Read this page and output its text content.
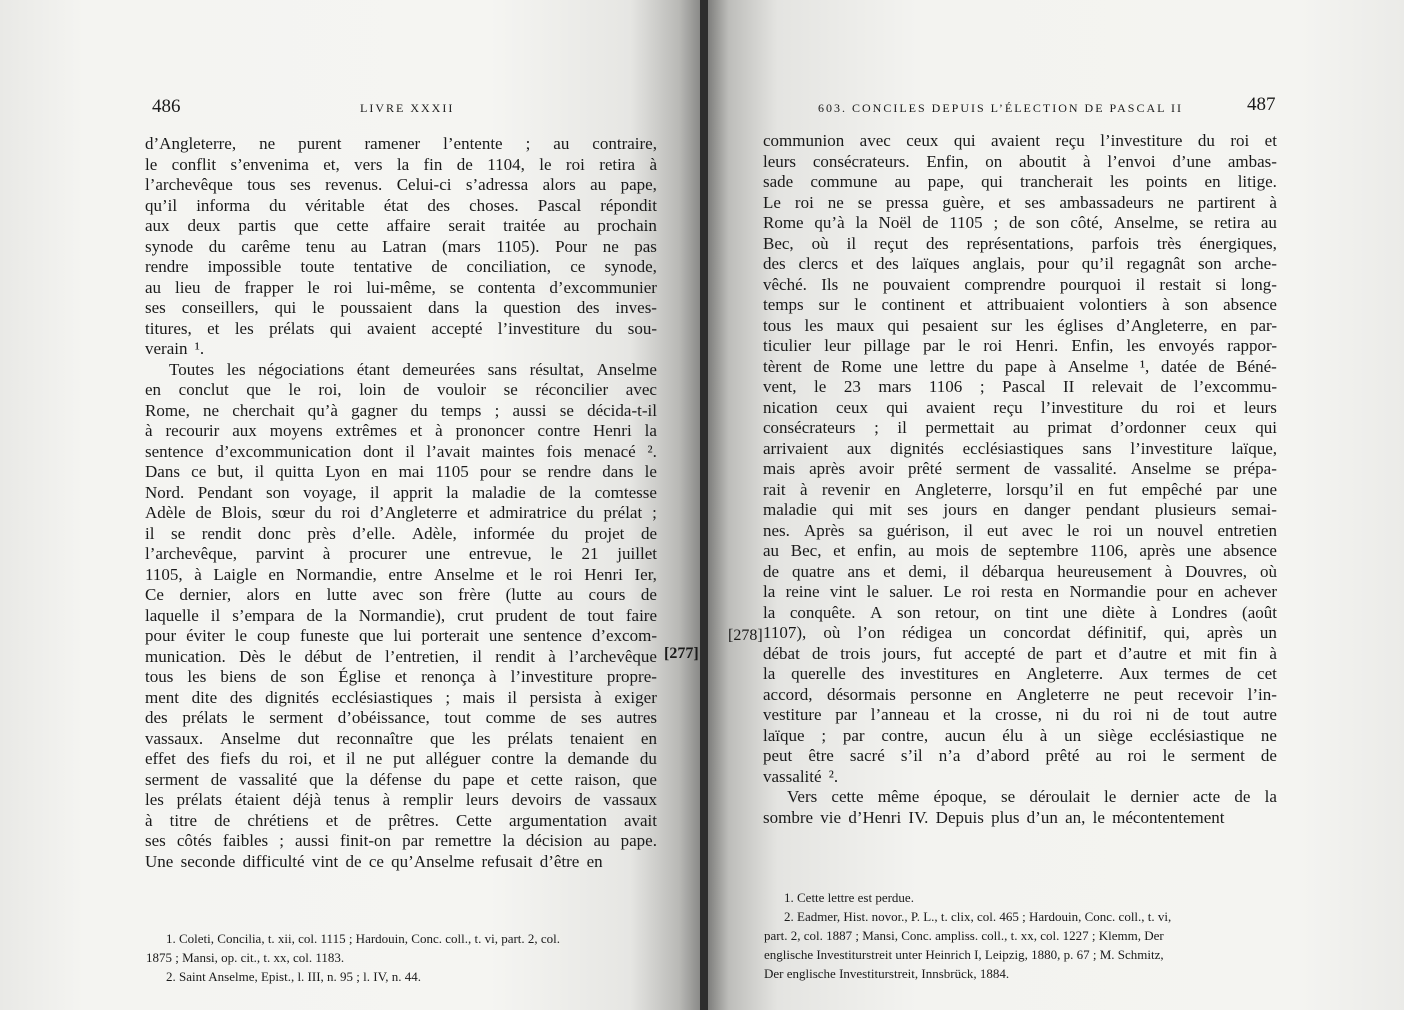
486	LIVRE XXXII
d’Angleterre, ne purent ramener l’entente ; au contraire,
le conflit s’envenima et, vers la fin de 1104, le roi retira à
l’archevêque tous ses revenus. Celui-ci s’adressa alors au pape,
qu’il informa du véritable état des choses. Pascal répondit
aux deux partis que cette affaire serait traitée au prochain
synode du carême tenu au Latran (mars 1105). Pour ne pas
rendre impossible toute tentative de conciliation, ce synode,
au lieu de frapper le roi lui-même, se contenta d’excommunier
ses conseillers, qui le poussaient dans la question des inves-
titures, et les prélats qui avaient accepté l’investiture du sou-
verain ¹.
Toutes les négociations étant demeurées sans résultat, Anselme
en conclut que le roi, loin de vouloir se réconcilier avec
Rome, ne cherchait qu’à gagner du temps ; aussi se décida-t-il
à recourir aux moyens extrêmes et à prononcer contre Henri la
sentence d’excommunication dont il l’avait maintes fois menacé ².
Dans ce but, il quitta Lyon en mai 1105 pour se rendre dans le
Nord. Pendant son voyage, il apprit la maladie de la comtesse
Adèle de Blois, sœur du roi d’Angleterre et admiratrice du prélat ;
il se rendit donc près d’elle. Adèle, informée du projet de
l’archevêque, parvint à procurer une entrevue, le 21 juillet
1105, à Laigle en Normandie, entre Anselme et le roi Henri Ier,
Ce dernier, alors en lutte avec son frère (lutte au cours de
laquelle il s’empara de la Normandie), crut prudent de tout faire
pour éviter le coup funeste que lui porterait une sentence d’excom-
munication. Dès le début de l’entretien, il rendit à l’archevêque
tous les biens de son Église et renonça à l’investiture propre-
ment dite des dignités ecclésiastiques ; mais il persista à exiger
des prélats le serment d’obéissance, tout comme de ses autres
vassaux. Anselme dut reconnaître que les prélats tenaient en
effet des fiefs du roi, et il ne put alléguer contre la demande du
serment de vassalité que la défense du pape et cette raison, que
les prélats étaient déjà tenus à remplir leurs devoirs de vassaux
à titre de chrétiens et de prêtres. Cette argumentation avait
ses côtés faibles ; aussi finit-on par remettre la décision au pape.
Une seconde difficulté vint de ce qu’Anselme refusait d’être en
[277]
1. Coleti, Concilia, t. xii, col. 1115 ; Hardouin, Conc. coll., t. vi, part. 2, col.
1875 ; Mansi, op. cit., t. xx, col. 1183.
2. Saint Anselme, Epist., l. III, n. 95 ; l. IV, n. 44.
603. CONCILES DEPUIS L’ÉLECTION DE PASCAL II	487
communion avec ceux qui avaient reçu l’investiture du roi et
leurs consécrateurs. Enfin, on aboutit à l’envoi d’une ambas-
sade commune au pape, qui trancherait les points en litige.
Le roi ne se pressa guère, et ses ambassadeurs ne partirent à
Rome qu’à la Noël de 1105 ; de son côté, Anselme, se retira au
Bec, où il reçut des représentations, parfois très énergiques,
des clercs et des laïques anglais, pour qu’il regagnât son arche-
vêché. Ils ne pouvaient comprendre pourquoi il restait si long-
temps sur le continent et attribuaient volontiers à son absence
tous les maux qui pesaient sur les églises d’Angleterre, en par-
ticulier leur pillage par le roi Henri. Enfin, les envoyés rappor-
tèrent de Rome une lettre du pape à Anselme ¹, datée de Béné-
vent, le 23 mars 1106 ; Pascal II relevait de l’excommu-
nication ceux qui avaient reçu l’investiture du roi et leurs
consécrateurs ; il permettait au primat d’ordonner ceux qui
arrivaient aux dignités ecclésiastiques sans l’investiture laïque,
mais après avoir prêté serment de vassalité. Anselme se prépa-
rait à revenir en Angleterre, lorsqu’il en fut empêché par une
maladie qui mit ses jours en danger pendant plusieurs semai-
nes. Après sa guérison, il eut avec le roi un nouvel entretien
au Bec, et enfin, au mois de septembre 1106, après une absence
de quatre ans et demi, il débarqua heureusement à Douvres, où
la reine vint le saluer. Le roi resta en Normandie pour en achever
la conquête. A son retour, on tint une diète à Londres (août
1107), où l’on rédigea un concordat définitif, qui, après un
débat de trois jours, fut accepté de part et d’autre et mit fin à
la querelle des investitures en Angleterre. Aux termes de cet
accord, désormais personne en Angleterre ne peut recevoir l’in-
vestiture par l’anneau et la crosse, ni du roi ni de tout autre
laïque ; par contre, aucun élu à un siège ecclésiastique ne
peut être sacré s’il n’a d’abord prêté au roi le serment de
vassalité ².
Vers cette même époque, se déroulait le dernier acte de la
sombre vie d’Henri IV. Depuis plus d’un an, le mécontentement
[278]
1. Cette lettre est perdue.
2. Eadmer, Hist. novor., P. L., t. clix, col. 465 ; Hardouin, Conc. coll., t. vi,
part. 2, col. 1887 ; Mansi, Conc. ampliss. coll., t. xx, col. 1227 ; Klemm, Der
englische Investiturstreit unter Heinrich I, Leipzig, 1880, p. 67 ; M. Schmitz,
Der englische Investiturstreit, Innsbrück, 1884.
